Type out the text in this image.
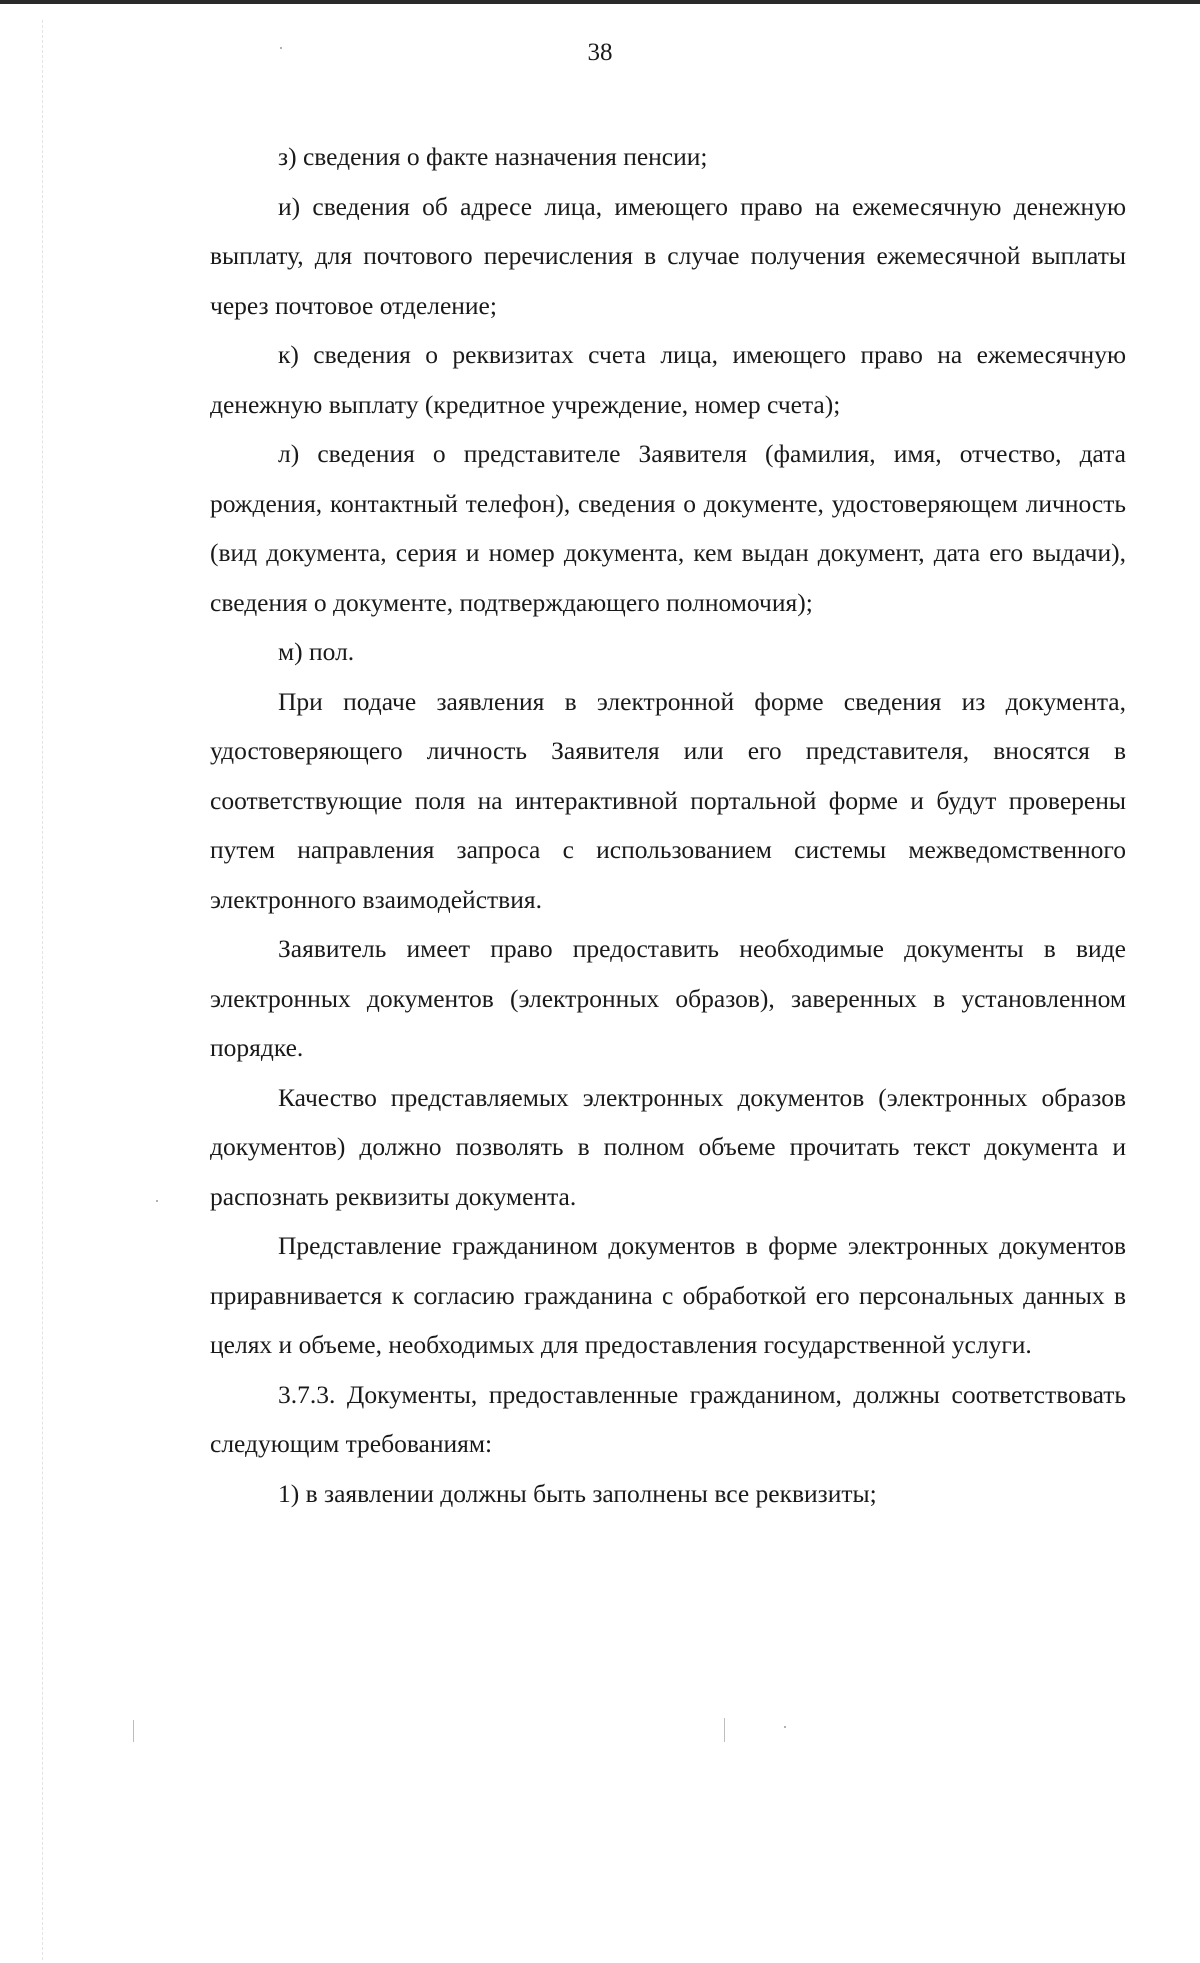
38

з) сведения о факте назначения пенсии;

и) сведения об адресе лица, имеющего право на ежемесячную денежную выплату, для почтового перечисления в случае получения ежемесячной выплаты через почтовое отделение;

к) сведения о реквизитах счета лица, имеющего право на ежемесячную денежную выплату (кредитное учреждение, номер счета);

л) сведения о представителе Заявителя (фамилия, имя, отчество, дата рождения, контактный телефон), сведения о документе, удостоверяющем личность (вид документа, серия и номер документа, кем выдан документ, дата его выдачи), сведения о документе, подтверждающего полномочия);

м) пол.

При подаче заявления в электронной форме сведения из документа, удостоверяющего личность Заявителя или его представителя, вносятся в соответствующие поля на интерактивной портальной форме и будут проверены путем направления запроса с использованием системы межведомственного электронного взаимодействия.

Заявитель имеет право предоставить необходимые документы в виде электронных документов (электронных образов), заверенных в установленном порядке.

Качество представляемых электронных документов (электронных образов документов) должно позволять в полном объеме прочитать текст документа и распознать реквизиты документа.

Представление гражданином документов в форме электронных документов приравнивается к согласию гражданина с обработкой его персональных данных в целях и объеме, необходимых для предоставления государственной услуги.

3.7.3. Документы, предоставленные гражданином, должны соответствовать следующим требованиям:

1) в заявлении должны быть заполнены все реквизиты;
